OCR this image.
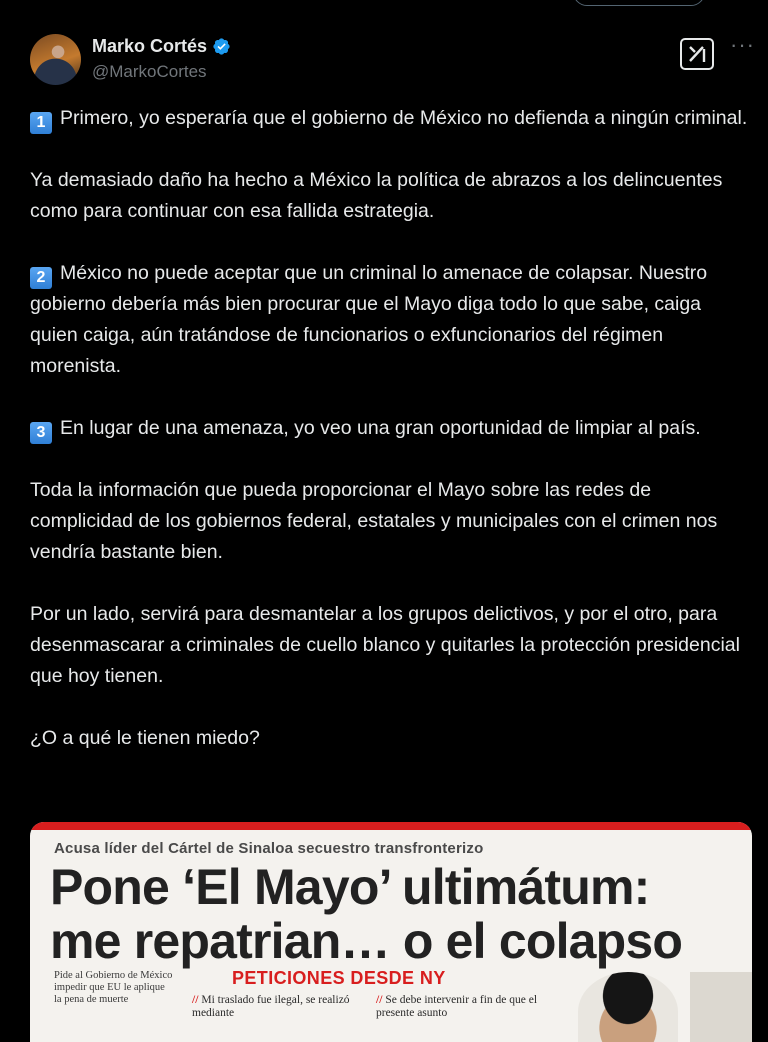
Marko Cortés
@MarkoCortes
···

1 Primero, yo esperaría que el gobierno de México no defienda a ningún criminal.

Ya demasiado daño ha hecho a México la política de abrazos a los delincuentes como para continuar con esa fallida estrategia.

2 México no puede aceptar que un criminal lo amenace de colapsar. Nuestro gobierno debería más bien procurar que el Mayo diga todo lo que sabe, caiga quien caiga, aún tratándose de funcionarios o exfuncionarios del régimen morenista.

3 En lugar de una amenaza, yo veo una gran oportunidad de limpiar al país.

Toda la información que pueda proporcionar el Mayo sobre las redes de complicidad de los gobiernos federal, estatales y municipales con el crimen nos vendría bastante bien.

Por un lado, servirá para desmantelar a los grupos delictivos, y por el otro, para desenmascarar a criminales de cuello blanco y quitarles la protección presidencial que hoy tienen.

¿O a qué le tienen miedo?

Acusa líder del Cártel de Sinaloa secuestro transfronterizo
Pone ‘El Mayo’ ultimátum:
me repatrian… o el colapso
Pide al Gobierno de México impedir que EU le aplique la pena de muerte
PETICIONES DESDE NY
// Mi traslado fue ilegal, se realizó mediante
// Se debe intervenir a fin de que el presente asunto
